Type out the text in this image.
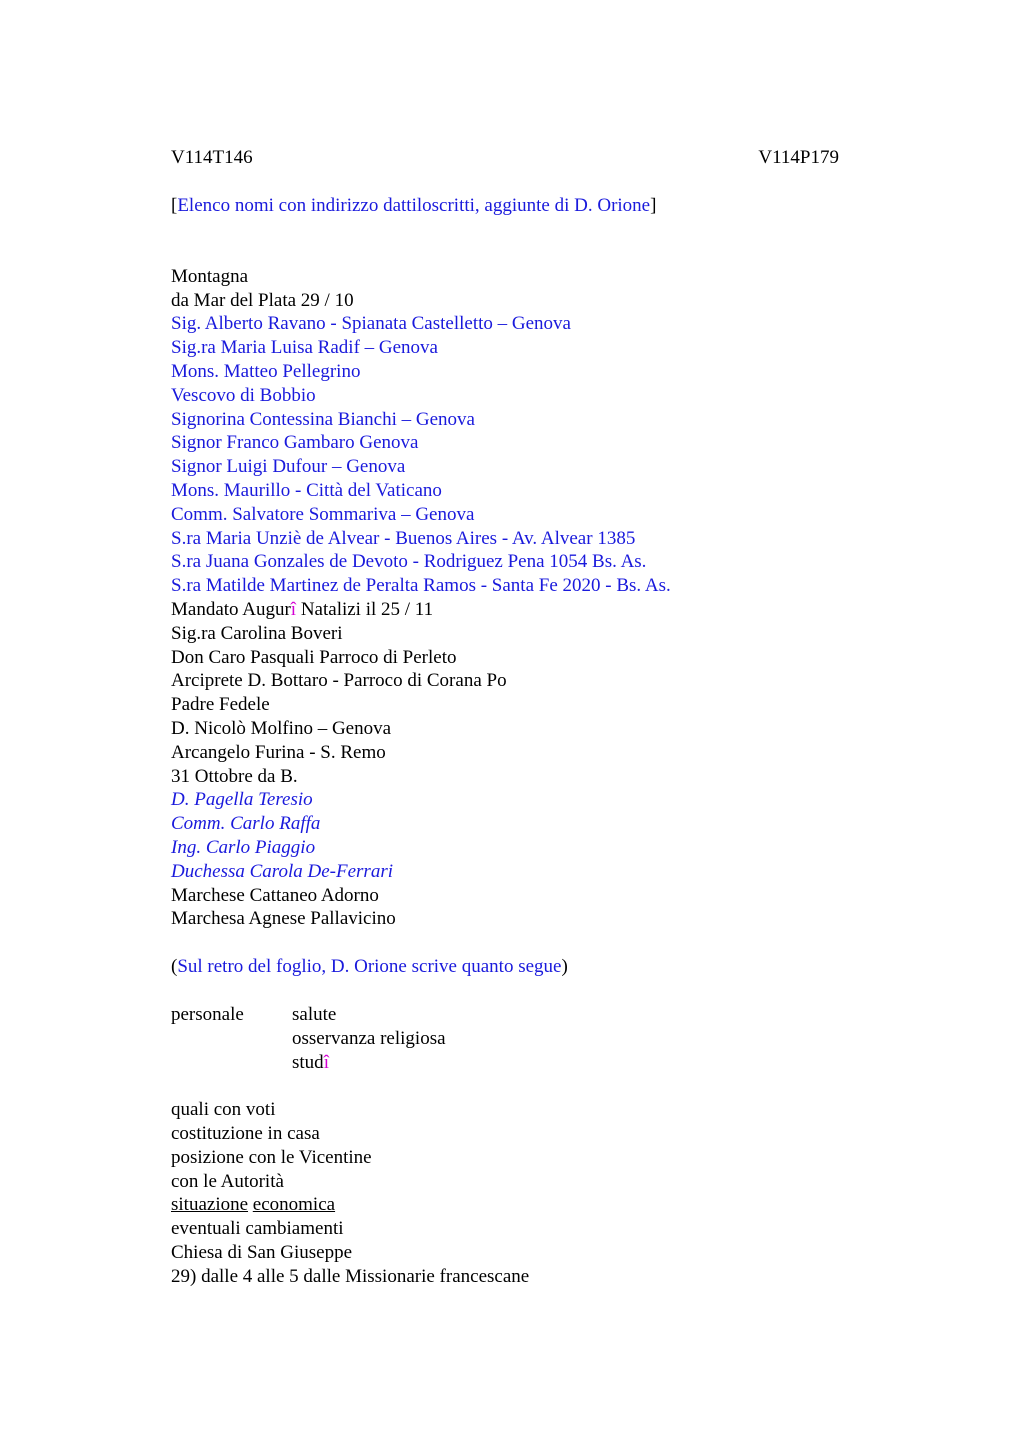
V114T146	V114P179
[Elenco nomi con indirizzo dattiloscritti, aggiunte di D. Orione]
Montagna
da Mar del Plata 29 / 10
Sig. Alberto Ravano - Spianata Castelletto – Genova
Sig.ra Maria Luisa Radif – Genova
Mons. Matteo Pellegrino
Vescovo di Bobbio
Signorina Contessina Bianchi – Genova
Signor Franco Gambaro Genova
Signor Luigi Dufour – Genova
Mons. Maurillo - Città del Vaticano
Comm. Salvatore Sommariva – Genova
S.ra Maria Unziè de Alvear - Buenos Aires - Av. Alvear 1385
S.ra Juana Gonzales de Devoto - Rodriguez Pena 1054 Bs. As.
S.ra Matilde Martinez de Peralta Ramos - Santa Fe 2020 - Bs. As.
Mandato Augurî Natalizi il 25 / 11
Sig.ra Carolina Boveri
Don Caro Pasquali Parroco di Perleto
Arciprete D. Bottaro - Parroco di Corana Po
Padre Fedele
D. Nicolò Molfino – Genova
Arcangelo Furina - S. Remo
31 Ottobre da B.
D. Pagella Teresio
Comm. Carlo Raffa
Ing. Carlo Piaggio
Duchessa Carola De-Ferrari
Marchese Cattaneo Adorno
Marchesa Agnese Pallavicino
(Sul retro del foglio, D. Orione scrive quanto segue)
personale	salute
osservanza religiosa
studî
quali con voti
costituzione in casa
posizione con le Vicentine
con le Autorità
situazione economica
eventuali cambiamenti
Chiesa di San Giuseppe
29) dalle 4 alle 5 dalle Missionarie francescane
